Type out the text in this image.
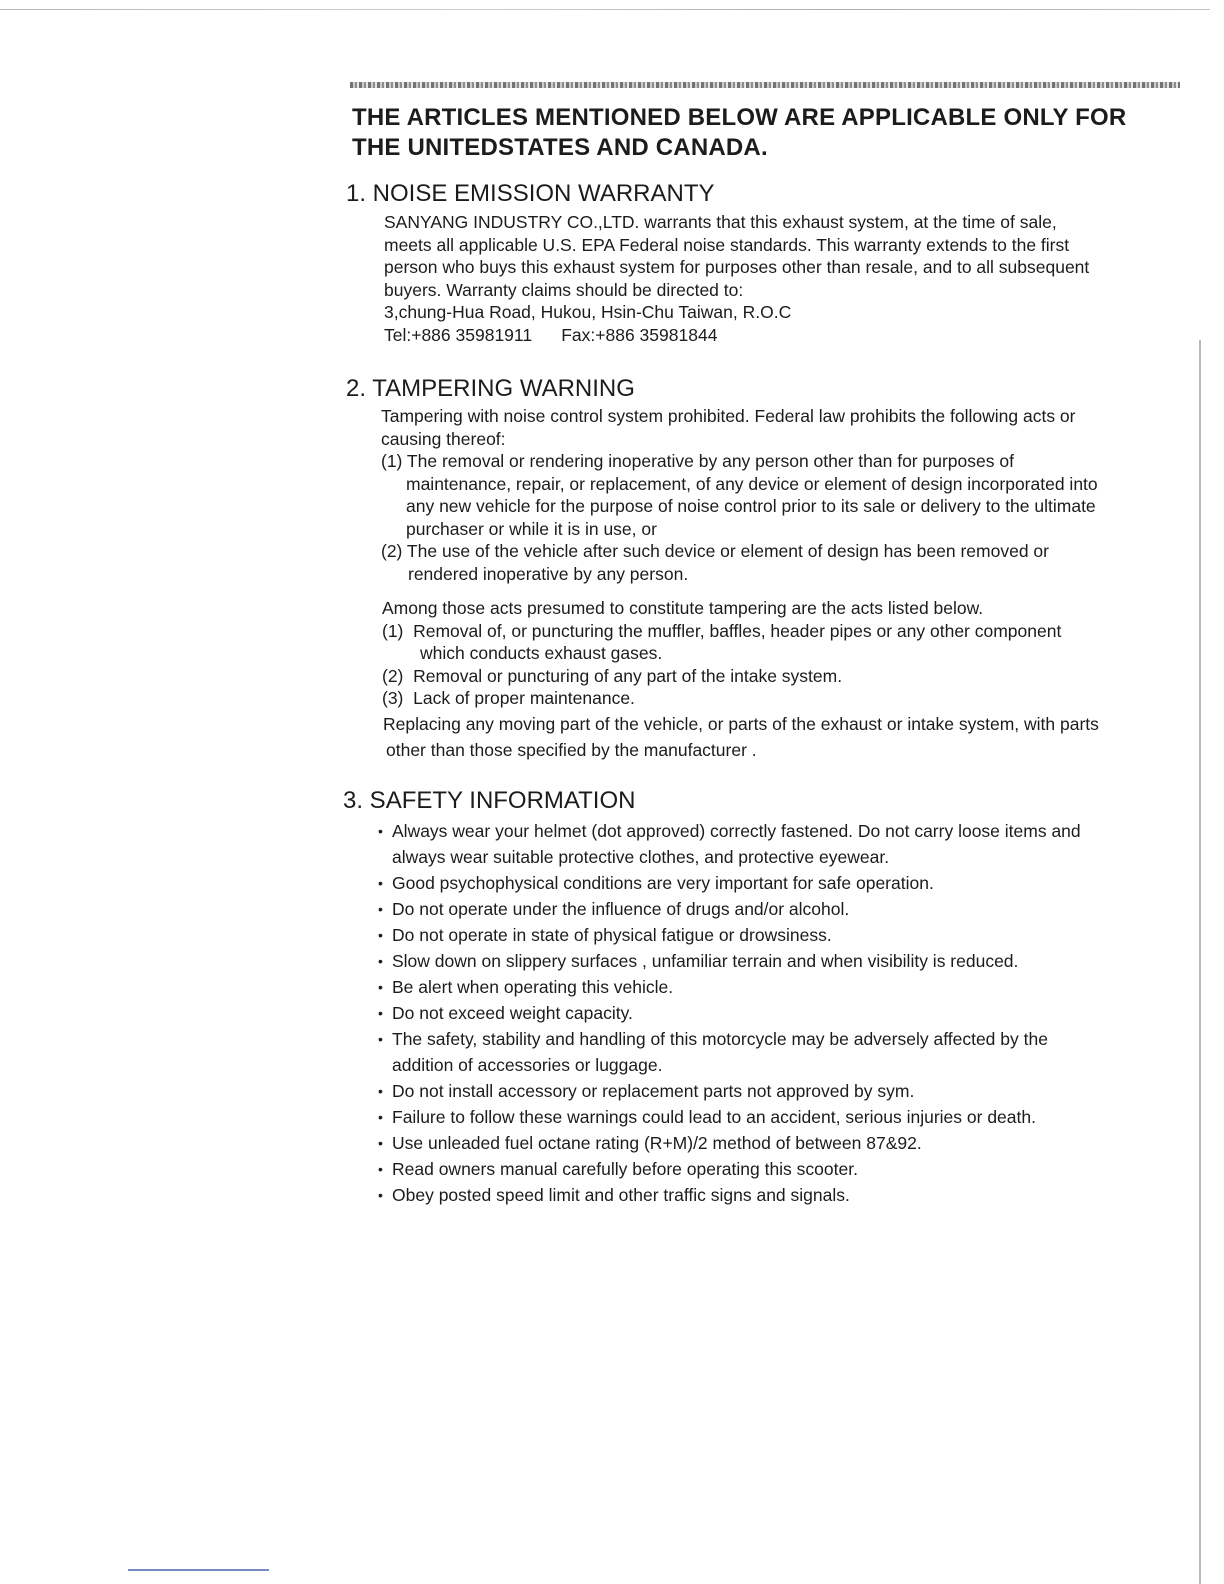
THE ARTICLES MENTIONED BELOW ARE APPLICABLE ONLY FOR
THE UNITEDSTATES AND CANADA.
1. NOISE EMISSION WARRANTY
SANYANG INDUSTRY CO.,LTD. warrants that this exhaust system, at the time of sale,
meets all applicable U.S. EPA Federal noise standards. This warranty extends to the first
person who buys this exhaust system for purposes other than resale, and to all subsequent
buyers. Warranty claims should be directed to:
3,chung-Hua Road, Hukou, Hsin-Chu Taiwan, R.O.C
Tel:+886 35981911      Fax:+886 35981844
2. TAMPERING WARNING
Tampering with noise control system prohibited. Federal law prohibits the following acts or
causing thereof:
(1) The removal or rendering inoperative by any person other than for purposes of
maintenance, repair, or replacement, of any device or element of design incorporated into
any new vehicle for the purpose of noise control prior to its sale or delivery to the ultimate
purchaser or while it is in use, or
(2) The use of the vehicle after such device or element of design has been removed or
rendered inoperative by any person.
Among those acts presumed to constitute tampering are the acts listed below.
(1)  Removal of, or puncturing the muffler, baffles, header pipes or any other component
which conducts exhaust gases.
(2)  Removal or puncturing of any part of the intake system.
(3)  Lack of proper maintenance.
Replacing any moving part of the vehicle, or parts of the exhaust or intake system, with parts
other than those specified by the manufacturer .
3. SAFETY INFORMATION
• Always wear your helmet (dot approved) correctly fastened. Do not carry loose items and
always wear suitable protective clothes, and protective eyewear.
• Good psychophysical conditions are very important for safe operation.
• Do not operate under the influence of drugs and/or alcohol.
• Do not operate in state of physical fatigue or drowsiness.
• Slow down on slippery surfaces , unfamiliar terrain and when visibility is reduced.
• Be alert when operating this vehicle.
• Do not exceed weight capacity.
• The safety, stability and handling of this motorcycle may be adversely affected by the
addition of accessories or luggage.
• Do not install accessory or replacement parts not approved by sym.
• Failure to follow these warnings could lead to an accident, serious injuries or death.
• Use unleaded fuel octane rating (R+M)/2 method of between 87&92.
• Read owners manual carefully before operating this scooter.
• Obey posted speed limit and other traffic signs and signals.
